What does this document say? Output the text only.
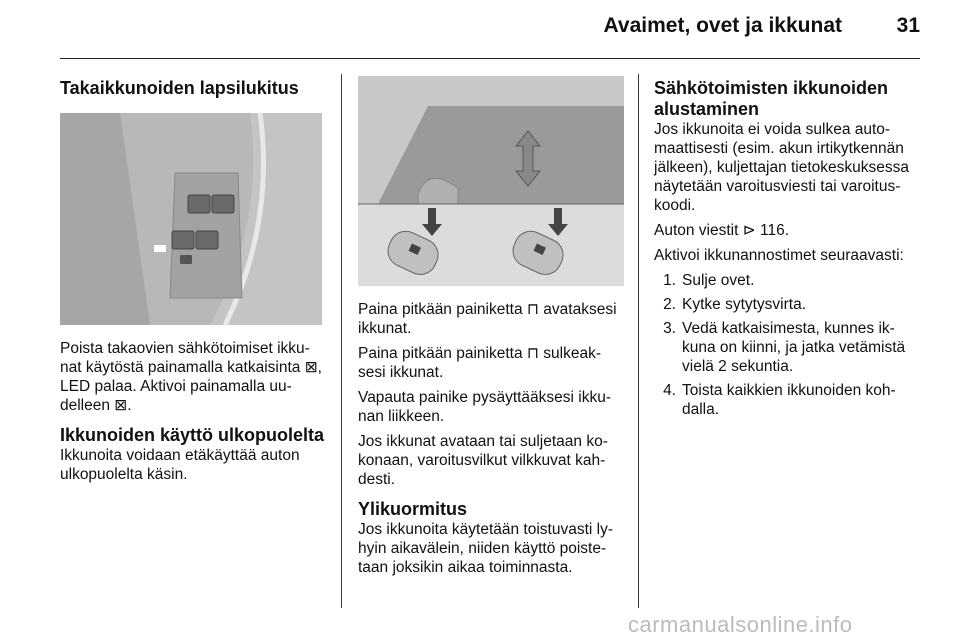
Avaimet, ovet ja ikkunat	31
Takaikkunoiden lapsilukitus

Poista takaovien sähkötoimiset ikku-nat käytöstä painamalla katkaisinta ⊠, LED palaa. Aktivoi painamalla uu-delleen ⊠.

Ikkunoiden käyttö ulkopuolelta

Ikkunoita voidaan etäkäyttää auton ulkopuolelta käsin.

Paina pitkään painiketta ⊓ avataksesi ikkunat.

Paina pitkään painiketta ⊓ sulkeak-sesi ikkunat.

Vapauta painike pysäyttääksesi ikku-nan liikkeen.

Jos ikkunat avataan tai suljetaan ko-konaan, varoitusvilkut vilkkuvat kah-desti.

Ylikuormitus

Jos ikkunoita käytetään toistuvasti ly-hyin aikavälein, niiden käyttö poiste-taan joksikin aikaa toiminnasta.

Sähkötoimisten ikkunoiden alustaminen

Jos ikkunoita ei voida sulkea auto-maattisesti (esim. akun irtikytkennän jälkeen), kuljettajan tietokeskuksessa näytetään varoitusviesti tai varoitus-koodi.

Auton viestit ⊳ 116.

Aktivoi ikkunannostimet seuraavasti:

1. Sulje ovet.
2. Kytke sytytysvirta.
3. Vedä katkaisimesta, kunnes ik-kuna on kiinni, ja jatka vetämistä vielä 2 sekuntia.
4. Toista kaikkien ikkunoiden koh-dalla.
carmanualsonline.info
